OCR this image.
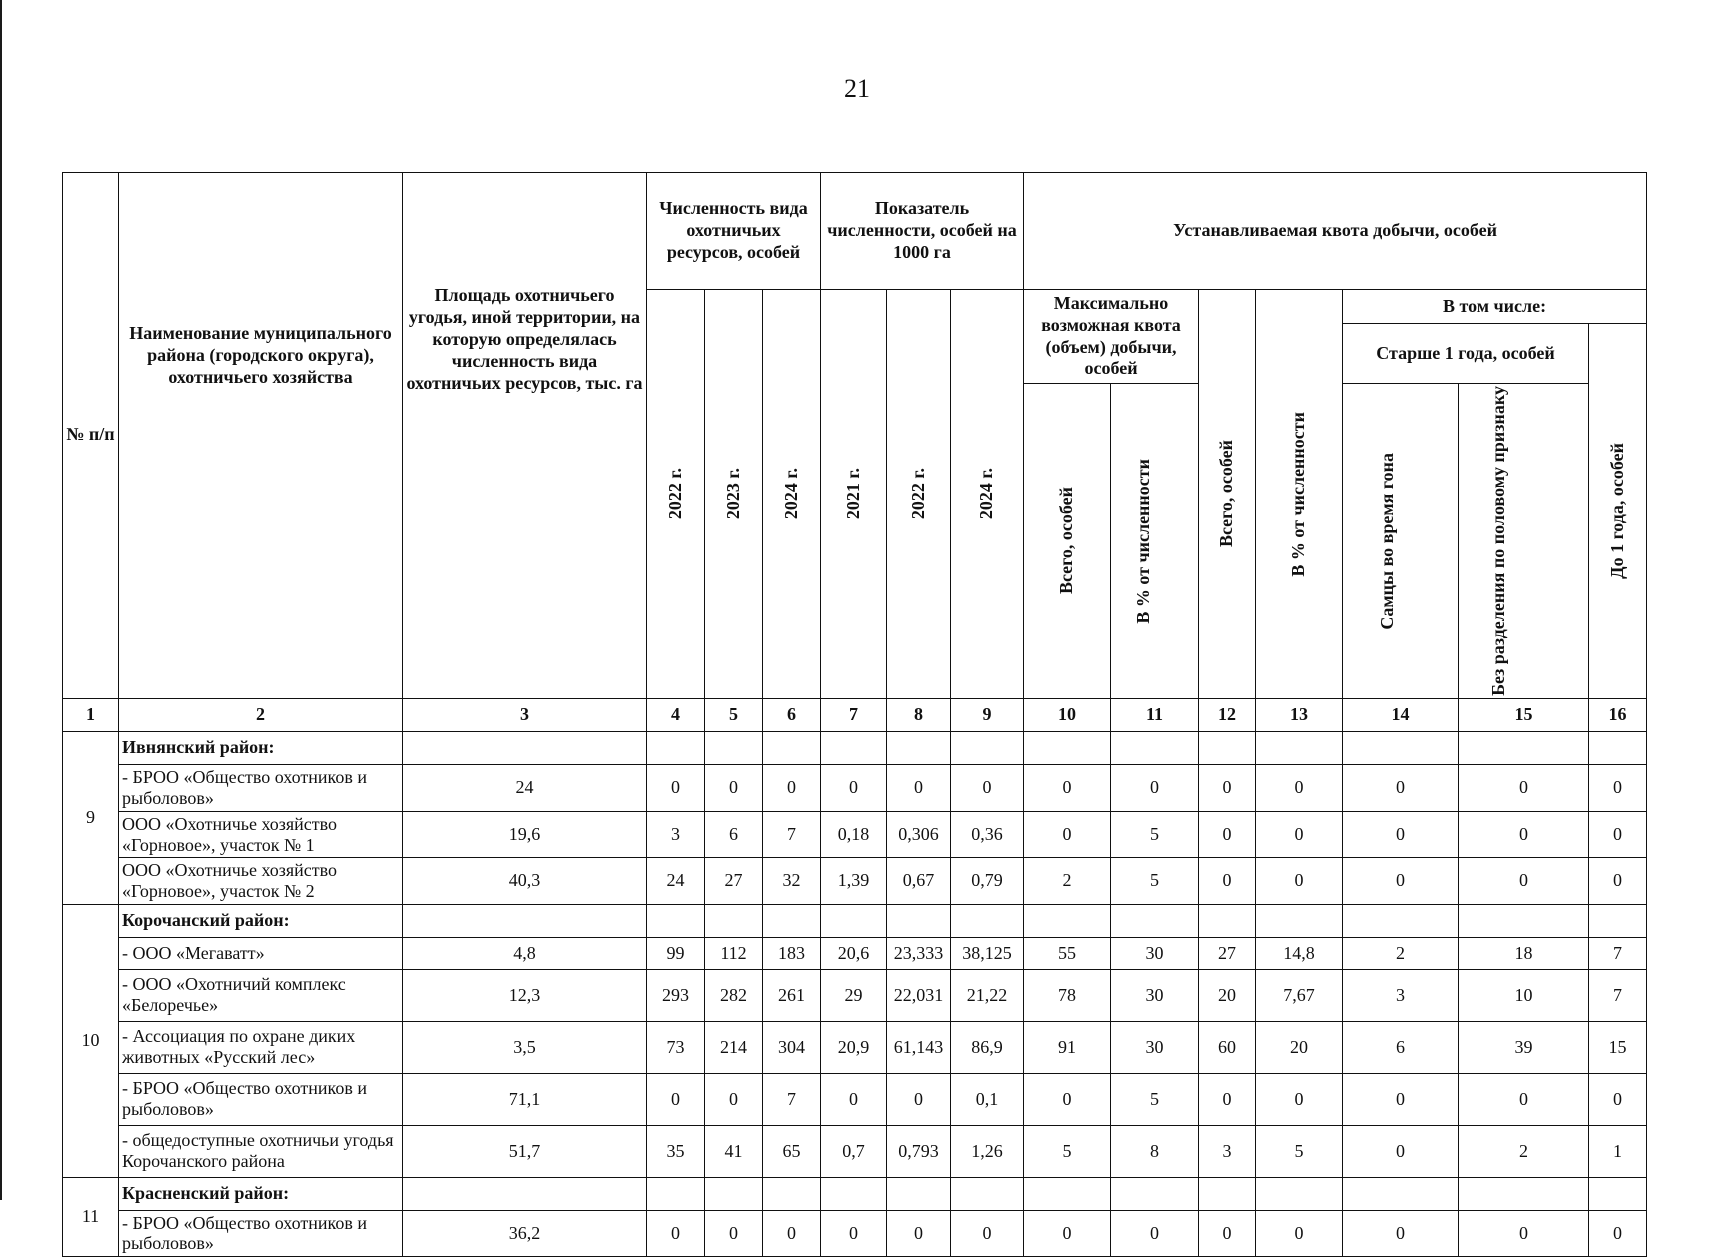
21
№ п/п	Наименование муниципального района (городского округа), охотничьего хозяйства	Площадь охотничьего угодья, иной территории, на которую определялась численность вида охотничьих ресурсов, тыс. га	Численность вида охотничьих ресурсов, особей			Показатель численности, особей на 1000 га			Устанавливаемая квота добычи, особей						

			2022 г.	2023 г.	2024 г.	2021 г.	2022 г.	2024 г.	Максимально возможная квота (объем) добычи, особей		Всего, особей	В % от численности	В том числе:		
													Старше 1 года, особей		До 1 года, особей

									Всего, особей	В % от численности			Самцы во время гона	Без разделения по половому признаку	

1	2	3	4	5	6	7	8	9	10	11	12	13	14	15	16
9	Ивнянский район:														
	- БРОО «Общество охотников и рыболовов»	24	0	0	0	0	0	0	0	0	0	0	0	0	0
	ООО «Охотничье хозяйство «Горновое», участок № 1	19,6	3	6	7	0,18	0,306	0,36	0	5	0	0	0	0	0
	ООО «Охотничье хозяйство «Горновое», участок № 2	40,3	24	27	32	1,39	0,67	0,79	2	5	0	0	0	0	0
10	Корочанский район:														
	- ООО «Мегаватт»	4,8	99	112	183	20,6	23,333	38,125	55	30	27	14,8	2	18	7
	- ООО «Охотничий комплекс «Белоречье»	12,3	293	282	261	29	22,031	21,22	78	30	20	7,67	3	10	7
	- Ассоциация по охране диких животных «Русский лес»	3,5	73	214	304	20,9	61,143	86,9	91	30	60	20	6	39	15
	- БРОО «Общество охотников и рыболовов»	71,1	0	0	7	0	0	0,1	0	5	0	0	0	0	0
	- общедоступные охотничьи угодья Корочанского района	51,7	35	41	65	0,7	0,793	1,26	5	8	3	5	0	2	1
11	Красненский район:														
	- БРОО «Общество охотников и рыболовов»	36,2	0	0	0	0	0	0	0	0	0	0	0	0	0
